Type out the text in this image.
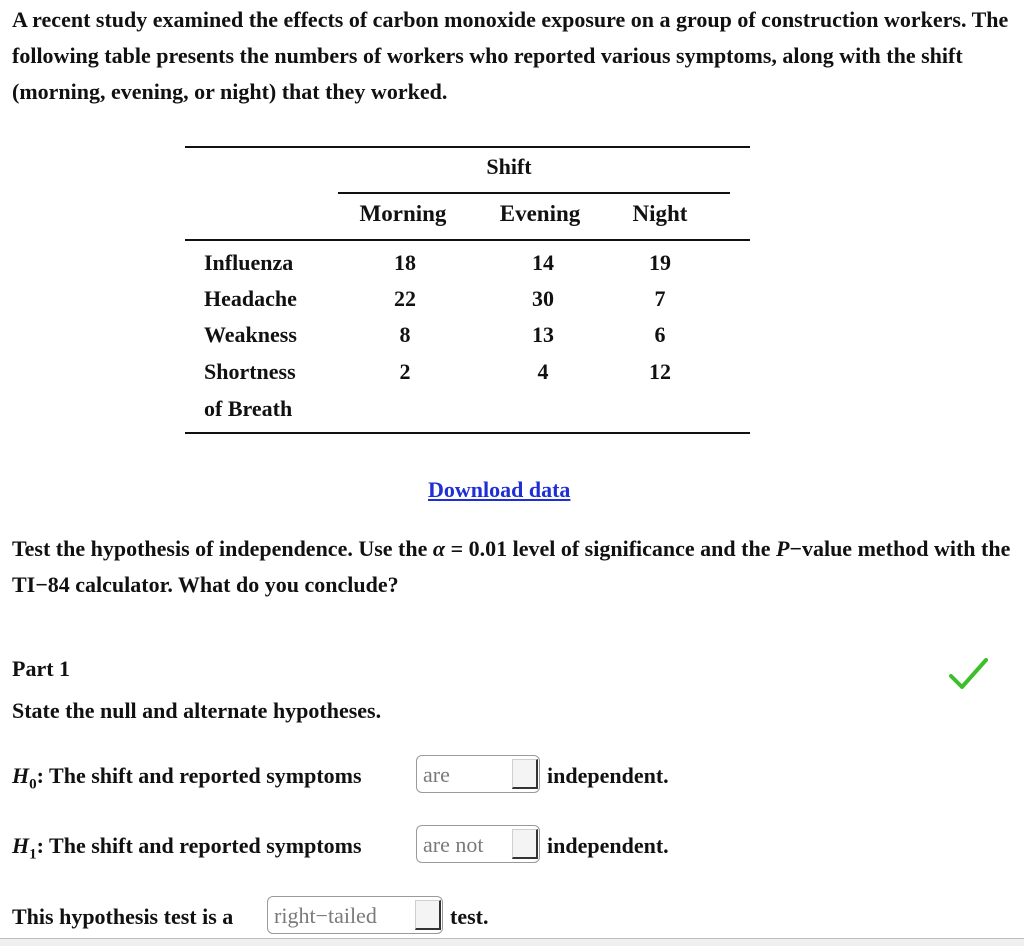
A recent study examined the effects of carbon monoxide exposure on a group of construction workers. The following table presents the numbers of workers who reported various symptoms, along with the shift (morning, evening, or night) that they worked.
Shift
Morning	Evening	Night
Influenza	18	14	19
Headache	22	30	7
Weakness	8	13	6
Shortness	2	4	12
of Breath
Download data
Test the hypothesis of independence. Use the α = 0.01 level of significance and the P−value method with the TI−84 calculator. What do you conclude?
Part 1
State the null and alternate hypotheses.
$H_0$: The shift and reported symptoms	are	independent.
$H_1$: The shift and reported symptoms	are not	independent.
This hypothesis test is a right−tailed	test.
